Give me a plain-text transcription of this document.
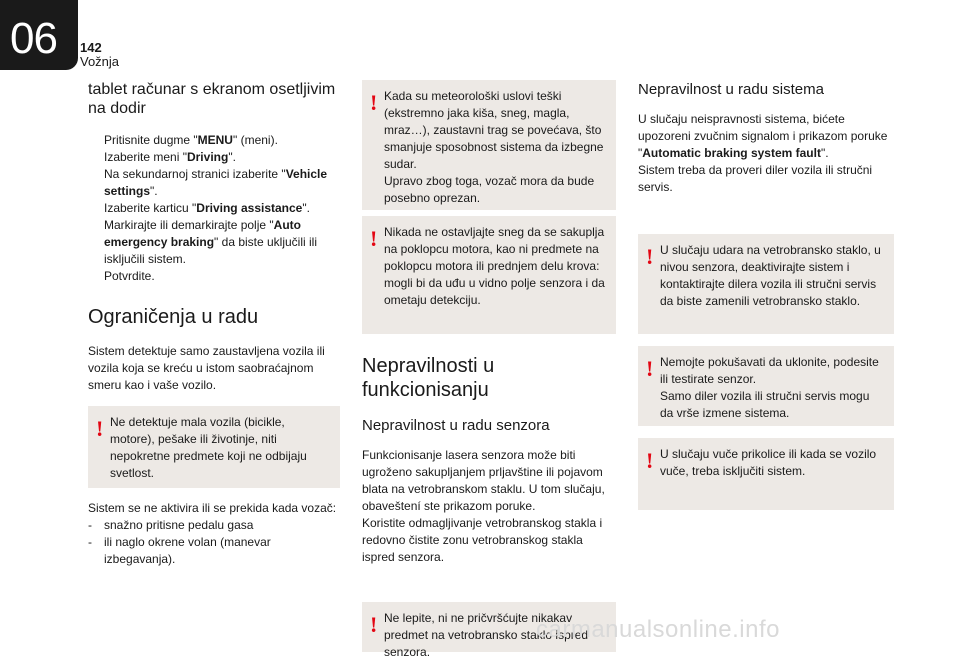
06 142
Vožnja
tablet računar s ekranom osetljivim na dodir
Pritisnite dugme "MENU" (meni).
Izaberite meni "Driving".
Na sekundarnoj stranici izaberite "Vehicle settings".
Izaberite karticu "Driving assistance".
Markirajte ili demarkirajte polje "Auto emergency braking" da biste uključili ili isključili sistem.
Potvrdite.
Ograničenja u radu

Sistem detektuje samo zaustavljena vozila ili vozila koja se kreću u istom saobraćajnom smeru kao i vaše vozilo.

! Ne detektuje mala vozila (bicikle, motore), pešake ili životinje, niti nepokretne predmete koji ne odbijaju svetlost.

Sistem se ne aktivira ili se prekida kada vozač:

- snažno pritisne pedalu gasa
- ili naglo okrene volan (manevar izbegavanja).
! Kada su meteorološki uslovi teški (ekstremno jaka kiša, sneg, magla, mraz…), zaustavni trag se povećava, što smanjuje sposobnost sistema da izbegne sudar.

Upravo zbog toga, vozač mora da bude posebno oprezan.

! Nikada ne ostavljajte sneg da se sakuplja na poklopcu motora, kao ni predmete na poklopcu motora ili prednjem delu krova: mogli bi da uđu u vidno polje senzora i da ometaju detekciju.

Nepravilnosti u funkcionisanju
Nepravilnost u radu senzora

Funkcionisanje lasera senzora može biti ugroženo sakupljanjem prljavštine ili pojavom blata na vetrobranskom staklu. U tom slučaju, obaveštení ste prikazom poruke.

Koristite odmagljivanje vetrobranskog stakla i redovno čistite zonu vetrobranskog stakla ispred senzora.

! Ne lepite, ni ne pričvršćujte nikakav predmet na vetrobransko staklo ispred senzora.

Nepravilnost u radu sistema

U slučaju neispravnosti sistema, bićete upozoreni zvučnim signalom i prikazom poruke "Automatic braking system fault".

Sistem treba da proveri diler vozila ili stručni servis.

! U slučaju udara na vetrobransko staklo, u nivou senzora, deaktivirajte sistem i kontaktirajte dilera vozila ili stručni servis da biste zamenili vetrobransko staklo.

! Nemojte pokušavati da uklonite, podesite ili testirate senzor.

Samo diler vozila ili stručni servis mogu da vrše izmene sistema.

! U slučaju vuče prikolice ili kada se vozilo vuče, treba isključiti sistem.

carmanualsonline.info
